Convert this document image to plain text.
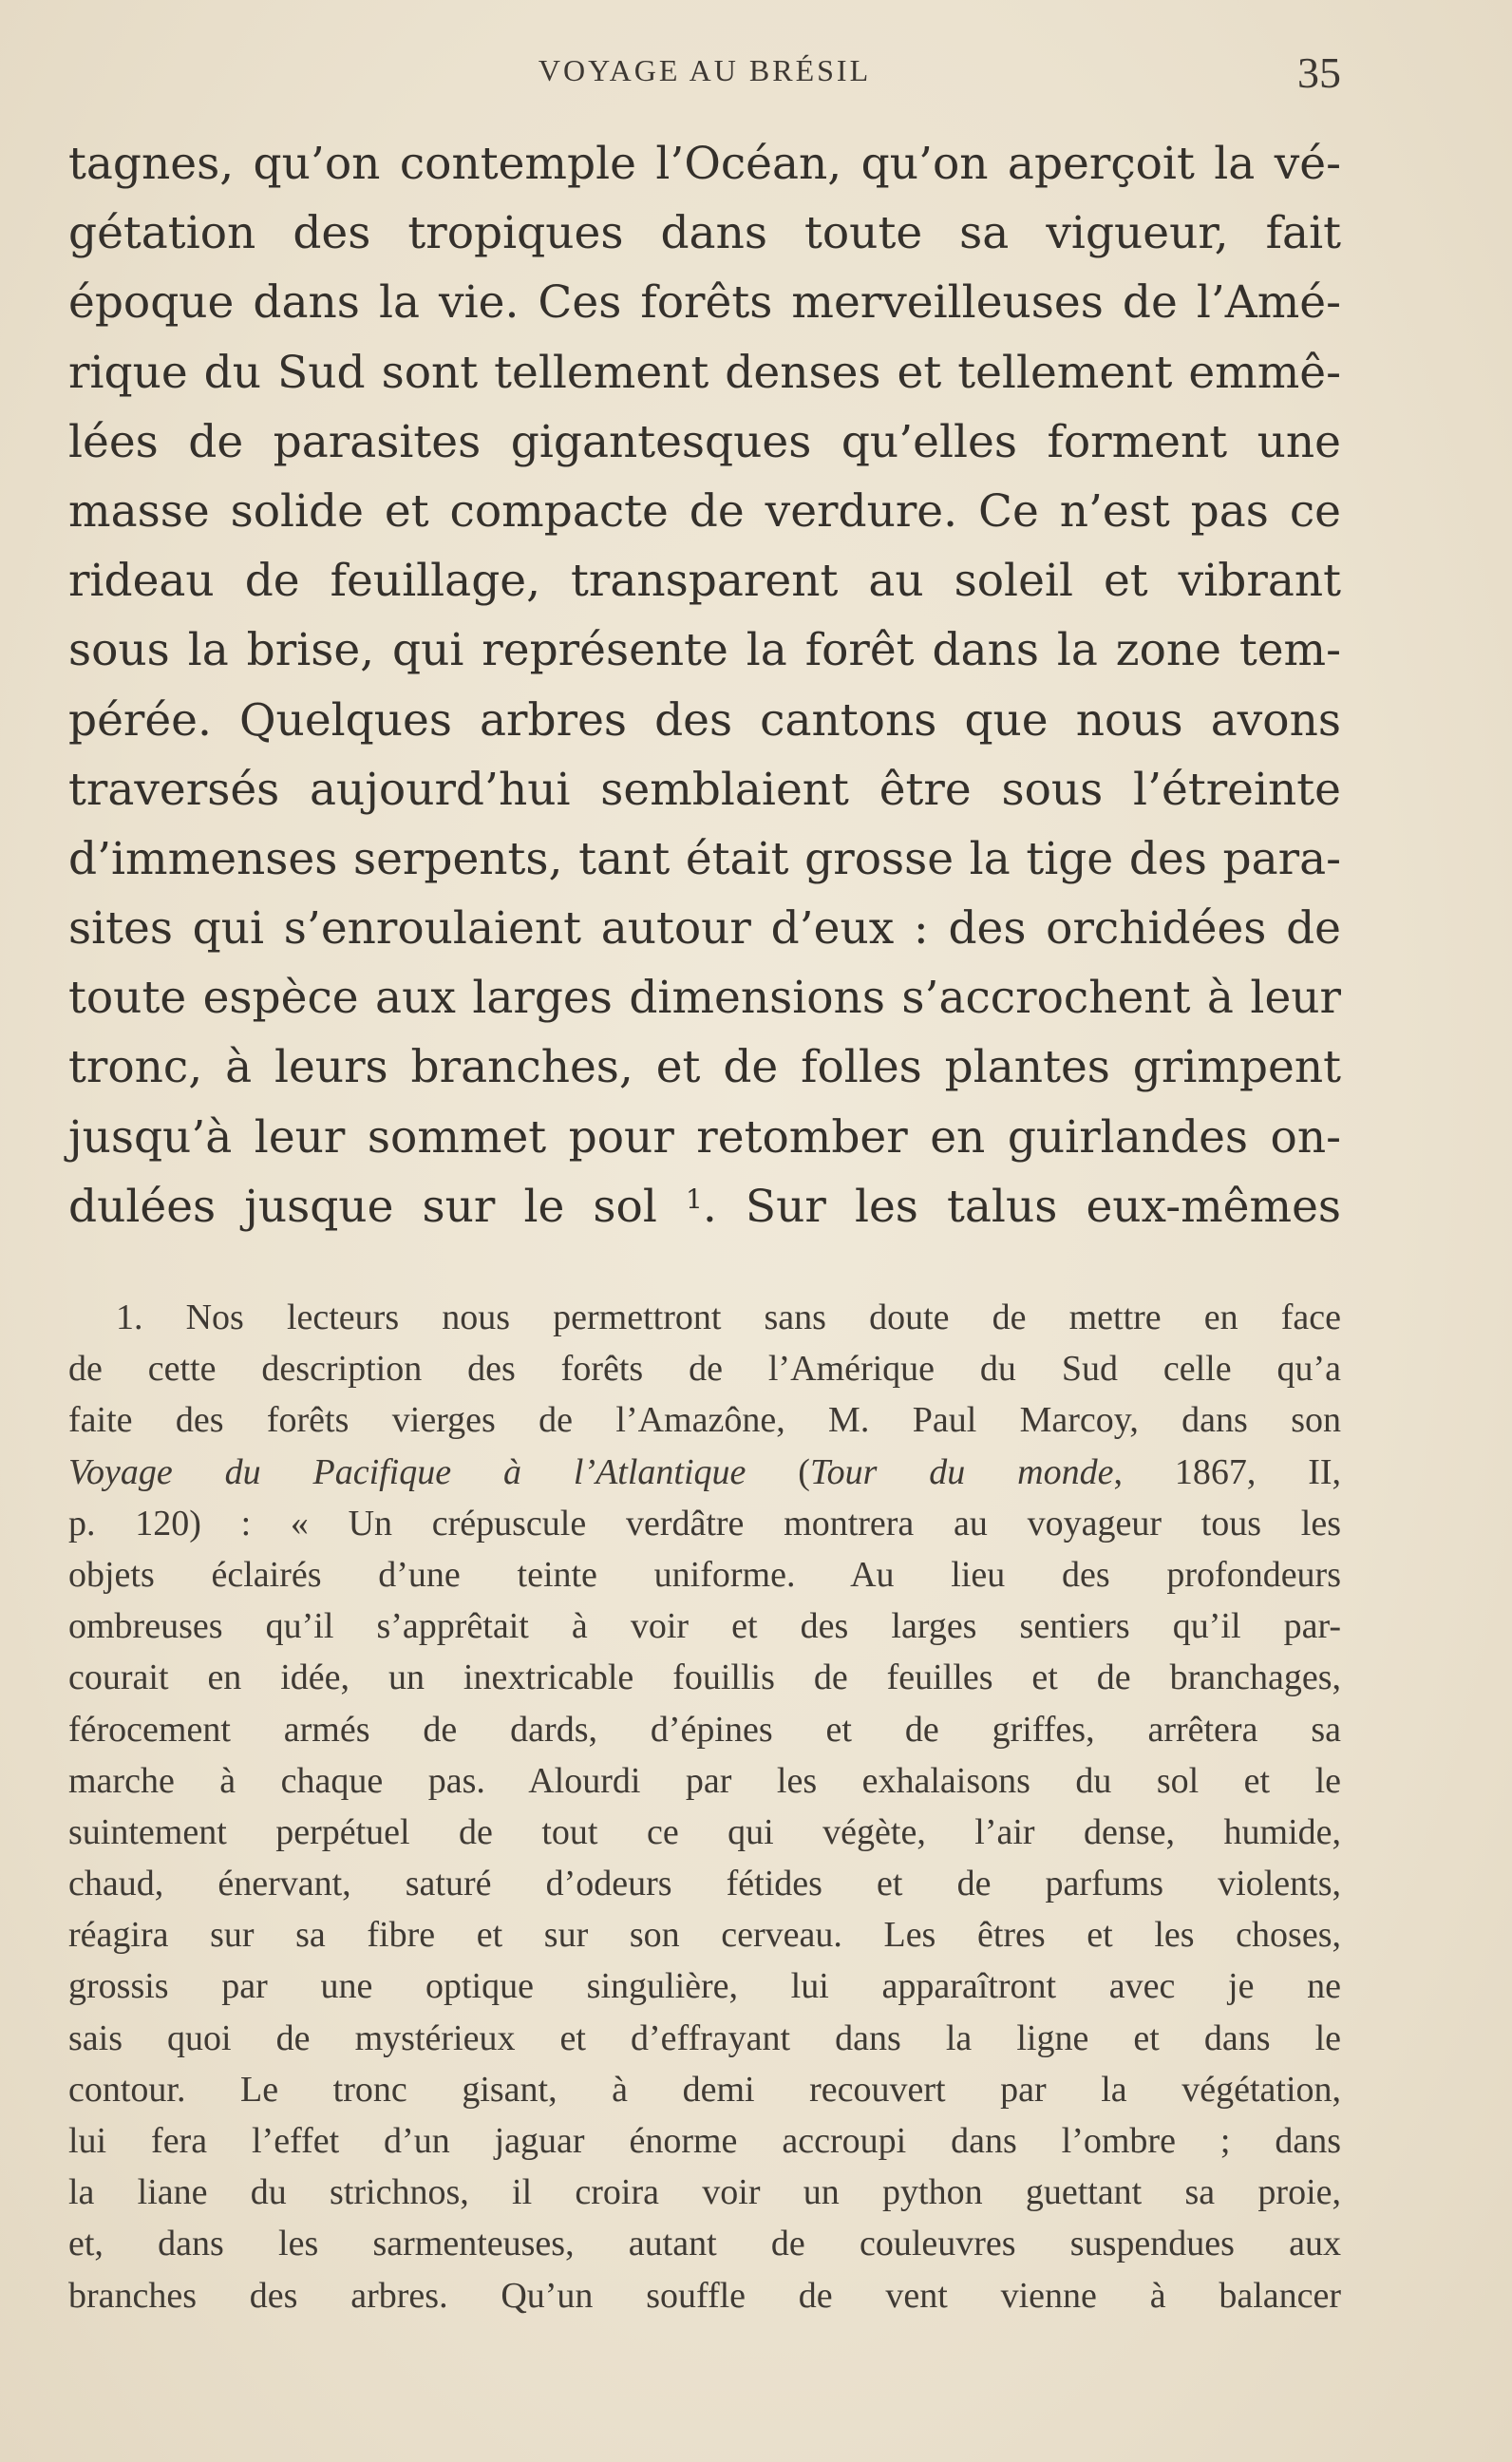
VOYAGE AU BRÉSIL	35
tagnes, qu’on contemple l’Océan, qu’on aperçoit la vé-
gétation des tropiques dans toute sa vigueur, fait
époque dans la vie. Ces forêts merveilleuses de l’Amé-
rique du Sud sont tellement denses et tellement emmê-
lées de parasites gigantesques qu’elles forment une
masse solide et compacte de verdure. Ce n’est pas ce
rideau de feuillage, transparent au soleil et vibrant
sous la brise, qui représente la forêt dans la zone tem-
pérée. Quelques arbres des cantons que nous avons
traversés aujourd’hui semblaient être sous l’étreinte
d’immenses serpents, tant était grosse la tige des para-
sites qui s’enroulaient autour d’eux : des orchidées de
toute espèce aux larges dimensions s’accrochent à leur
tronc, à leurs branches, et de folles plantes grimpent
jusqu’à leur sommet pour retomber en guirlandes on-
dulées jusque sur le sol $^1$. Sur les talus eux-mêmes
1. Nos lecteurs nous permettront sans doute de mettre en face
de cette description des forêts de l’Amérique du Sud celle qu’a
faite des forêts vierges de l’Amazône, M. Paul Marcoy, dans son
Voyage du Pacifique à l’Atlantique (Tour du monde, 1867, II,
p. 120) : « Un crépuscule verdâtre montrera au voyageur tous les
objets éclairés d’une teinte uniforme. Au lieu des profondeurs
ombreuses qu’il s’apprêtait à voir et des larges sentiers qu’il par-
courait en idée, un inextricable fouillis de feuilles et de branchages,
férocement armés de dards, d’épines et de griffes, arrêtera sa
marche à chaque pas. Alourdi par les exhalaisons du sol et le
suintement perpétuel de tout ce qui végète, l’air dense, humide,
chaud, énervant, saturé d’odeurs fétides et de parfums violents,
réagira sur sa fibre et sur son cerveau. Les êtres et les choses,
grossis par une optique singulière, lui apparaîtront avec je ne
sais quoi de mystérieux et d’effrayant dans la ligne et dans le
contour. Le tronc gisant, à demi recouvert par la végétation,
lui fera l’effet d’un jaguar énorme accroupi dans l’ombre ; dans
la liane du strichnos, il croira voir un python guettant sa proie,
et, dans les sarmenteuses, autant de couleuvres suspendues aux
branches des arbres. Qu’un souffle de vent vienne à balancer
